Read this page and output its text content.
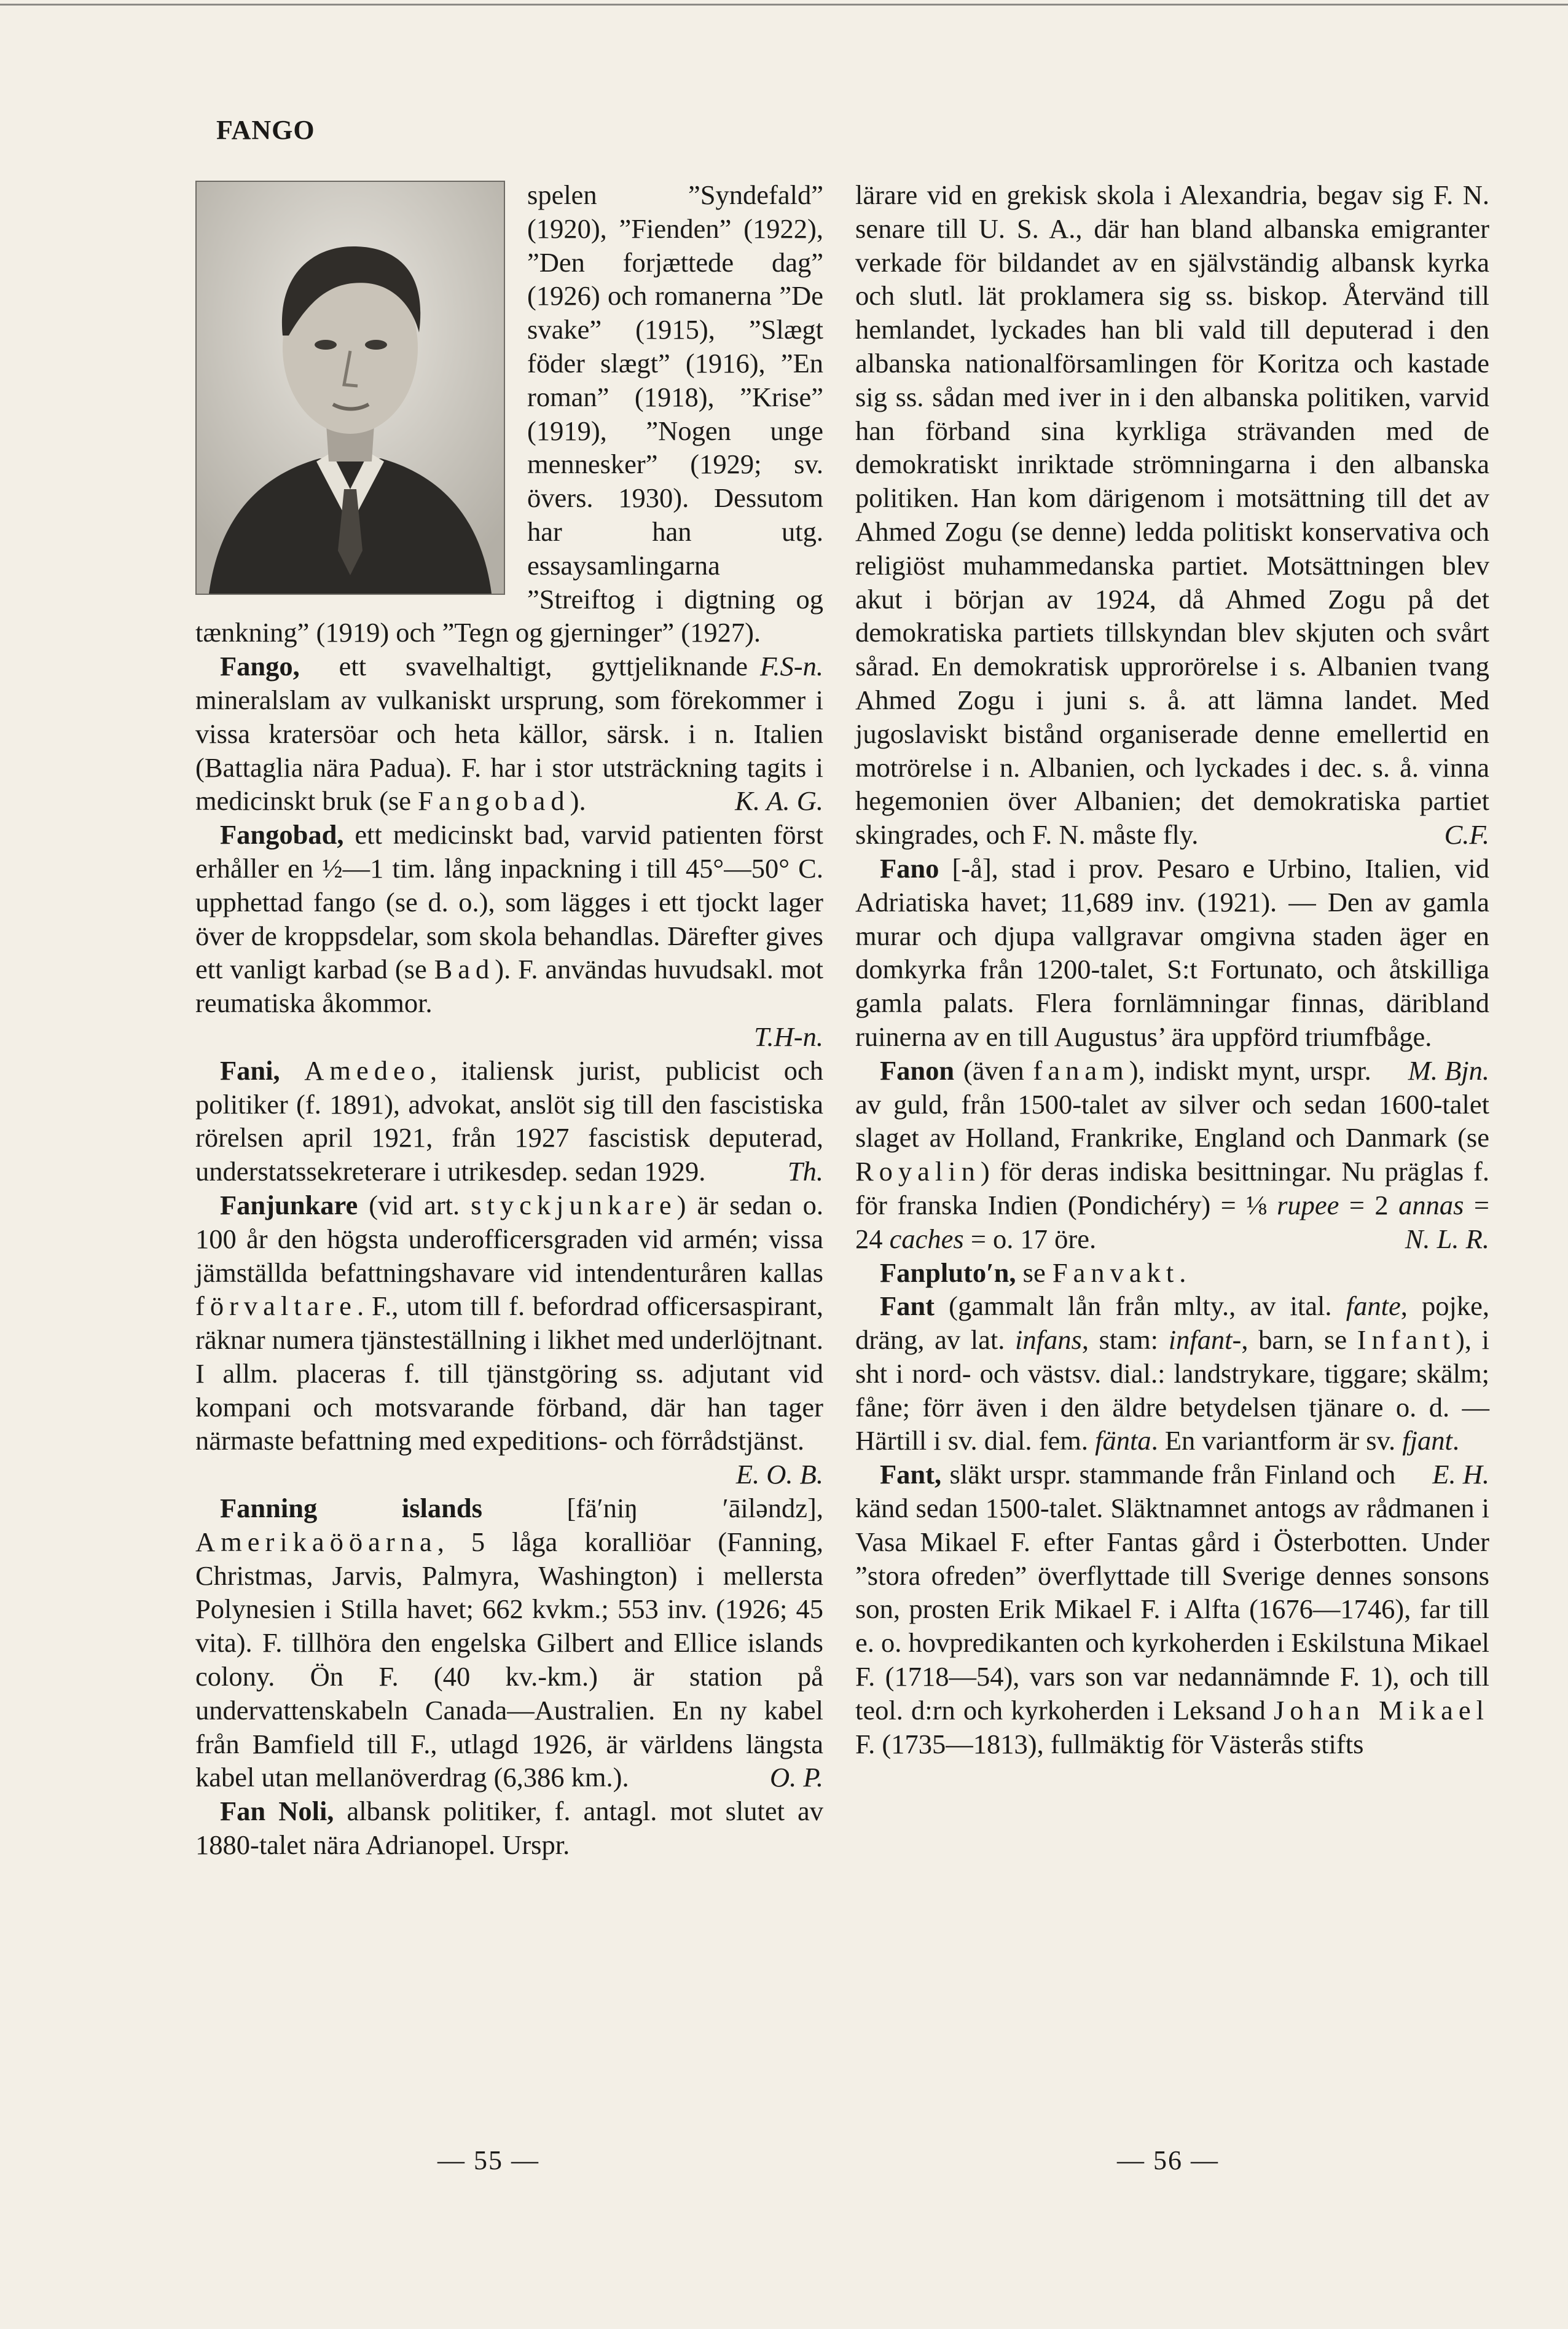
FANGO

spelen ”Syndefald” (1920), ”Fienden” (1922), ”Den forjættede dag” (1926) och romanerna ”De svake” (1915), ”Slægt föder slægt” (1916), ”En roman” (1918), ”Krise” (1919), ”Nogen unge mennesker” (1929; sv. övers. 1930). Dessutom har han utg. essaysamlingarna ”Streiftog i digtning og tænkning” (1919) och ”Tegn og gjerninger” (1927).
F.S-n.

Fango, ett svavelhaltigt, gyttjeliknande mineralslam av vulkaniskt ursprung, som förekommer i vissa kratersöar och heta källor, särsk. i n. Italien (Battaglia nära Padua). F. har i stor utsträckning tagits i medicinskt bruk (se Fangobad).	K. A. G.

Fangobad, ett medicinskt bad, varvid patienten först erhåller en ½—1 tim. lång inpackning i till 45°—50° C. upphettad fango (se d. o.), som lägges i ett tjockt lager över de kroppsdelar, som skola behandlas. Därefter gives ett vanligt karbad (se Bad). F. användas huvudsakl. mot reumatiska åkommor.

T.H-n.

Fani, Amedeo, italiensk jurist, publicist och politiker (f. 1891), advokat, anslöt sig till den fascistiska rörelsen april 1921, från 1927 fascistisk deputerad, understatssekreterare i utrikesdep. sedan 1929.	Th.

Fanjunkare (vid art. styckjunkare) är sedan o. 100 år den högsta underofficersgraden vid armén; vissa jämställda befattningshavare vid intendenturåren kallas förvaltare. F., utom till f. befordrad officersaspirant, räknar numera tjänsteställning i likhet med underlöjtnant. I allm. placeras f. till tjänstgöring ss. adjutant vid kompani och motsvarande förband, där han tager närmaste befattning med expeditions- och förrådstjänst.

E. O. B.

Fanning islands [fä′niŋ ′āiləndz], Amerikaööarna, 5 låga koralliöar (Fanning, Christmas, Jarvis, Palmyra, Washington) i mellersta Polynesien i Stilla havet; 662 kvkm.; 553 inv. (1926; 45 vita). F. tillhöra den engelska Gilbert and Ellice islands colony. Ön F. (40 kv.-km.) är station på undervattenskabeln Canada—Australien. En ny kabel från Bamfield till F., utlagd 1926, är världens längsta kabel utan mellanöverdrag (6,386 km.).	O. P.

Fan Noli, albansk politiker, f. antagl. mot slutet av 1880-talet nära Adrianopel. Urspr.

lärare vid en grekisk skola i Alexandria, begav sig F. N. senare till U. S. A., där han bland albanska emigranter verkade för bildandet av en självständig albansk kyrka och slutl. lät proklamera sig ss. biskop. Återvänd till hemlandet, lyckades han bli vald till deputerad i den albanska nationalförsamlingen för Koritza och kastade sig ss. sådan med iver in i den albanska politiken, varvid han förband sina kyrkliga strävanden med de demokratiskt inriktade strömningarna i den albanska politiken. Han kom därigenom i motsättning till det av Ahmed Zogu (se denne) ledda politiskt konservativa och religiöst muhammedanska partiet. Motsättningen blev akut i början av 1924, då Ahmed Zogu på det demokratiska partiets tillskyndan blev skjuten och svårt sårad. En demokratisk upprorörelse i s. Albanien tvang Ahmed Zogu i juni s. å. att lämna landet. Med jugoslaviskt bistånd organiserade denne emellertid en motrörelse i n. Albanien, och lyckades i dec. s. å. vinna hegemonien över Albanien; det demokratiska partiet skingrades, och F. N. måste fly.	C.F.

Fano [-å], stad i prov. Pesaro e Urbino, Italien, vid Adriatiska havet; 11,689 inv. (1921). — Den av gamla murar och djupa vallgravar omgivna staden äger en domkyrka från 1200-talet, S:t Fortunato, och åtskilliga gamla palats. Flera fornlämningar finnas, däribland ruinerna av en till Augustus’ ära uppförd triumfbåge.
M. Bjn.

Fanon (även fanam), indiskt mynt, urspr. av guld, från 1500-talet av silver och sedan 1600-talet slaget av Holland, Frankrike, England och Danmark (se Royalin) för deras indiska besittningar. Nu präglas f. för franska Indien (Pondichéry) = ⅛ rupee = 2 annas = 24 caches = o. 17 öre.	N. L. R.

Fanpluto′n, se Fanvakt.

Fant (gammalt lån från mlty., av ital. fante, pojke, dräng, av lat. infans, stam: infant-, barn, se Infant), i sht i nord- och västsv. dial.: landstrykare, tiggare; skälm; fåne; förr även i den äldre betydelsen tjänare o. d. — Härtill i sv. dial. fem. fänta. En variantform är sv. fjant.
E. H.

Fant, släkt urspr. stammande från Finland och känd sedan 1500-talet. Släktnamnet antogs av rådmanen i Vasa Mikael F. efter Fantas gård i Österbotten. Under ”stora ofreden” överflyttade till Sverige dennes sonsons son, prosten Erik Mikael F. i Alfta (1676—1746), far till e. o. hovpredikanten och kyrkoherden i Eskilstuna Mikael F. (1718—54), vars son var nedannämnde F. 1), och till teol. d:rn och kyrkoherden i Leksand Johan Mikael F. (1735—1813), fullmäktig för Västerås stifts

— 55 —	— 56 —
